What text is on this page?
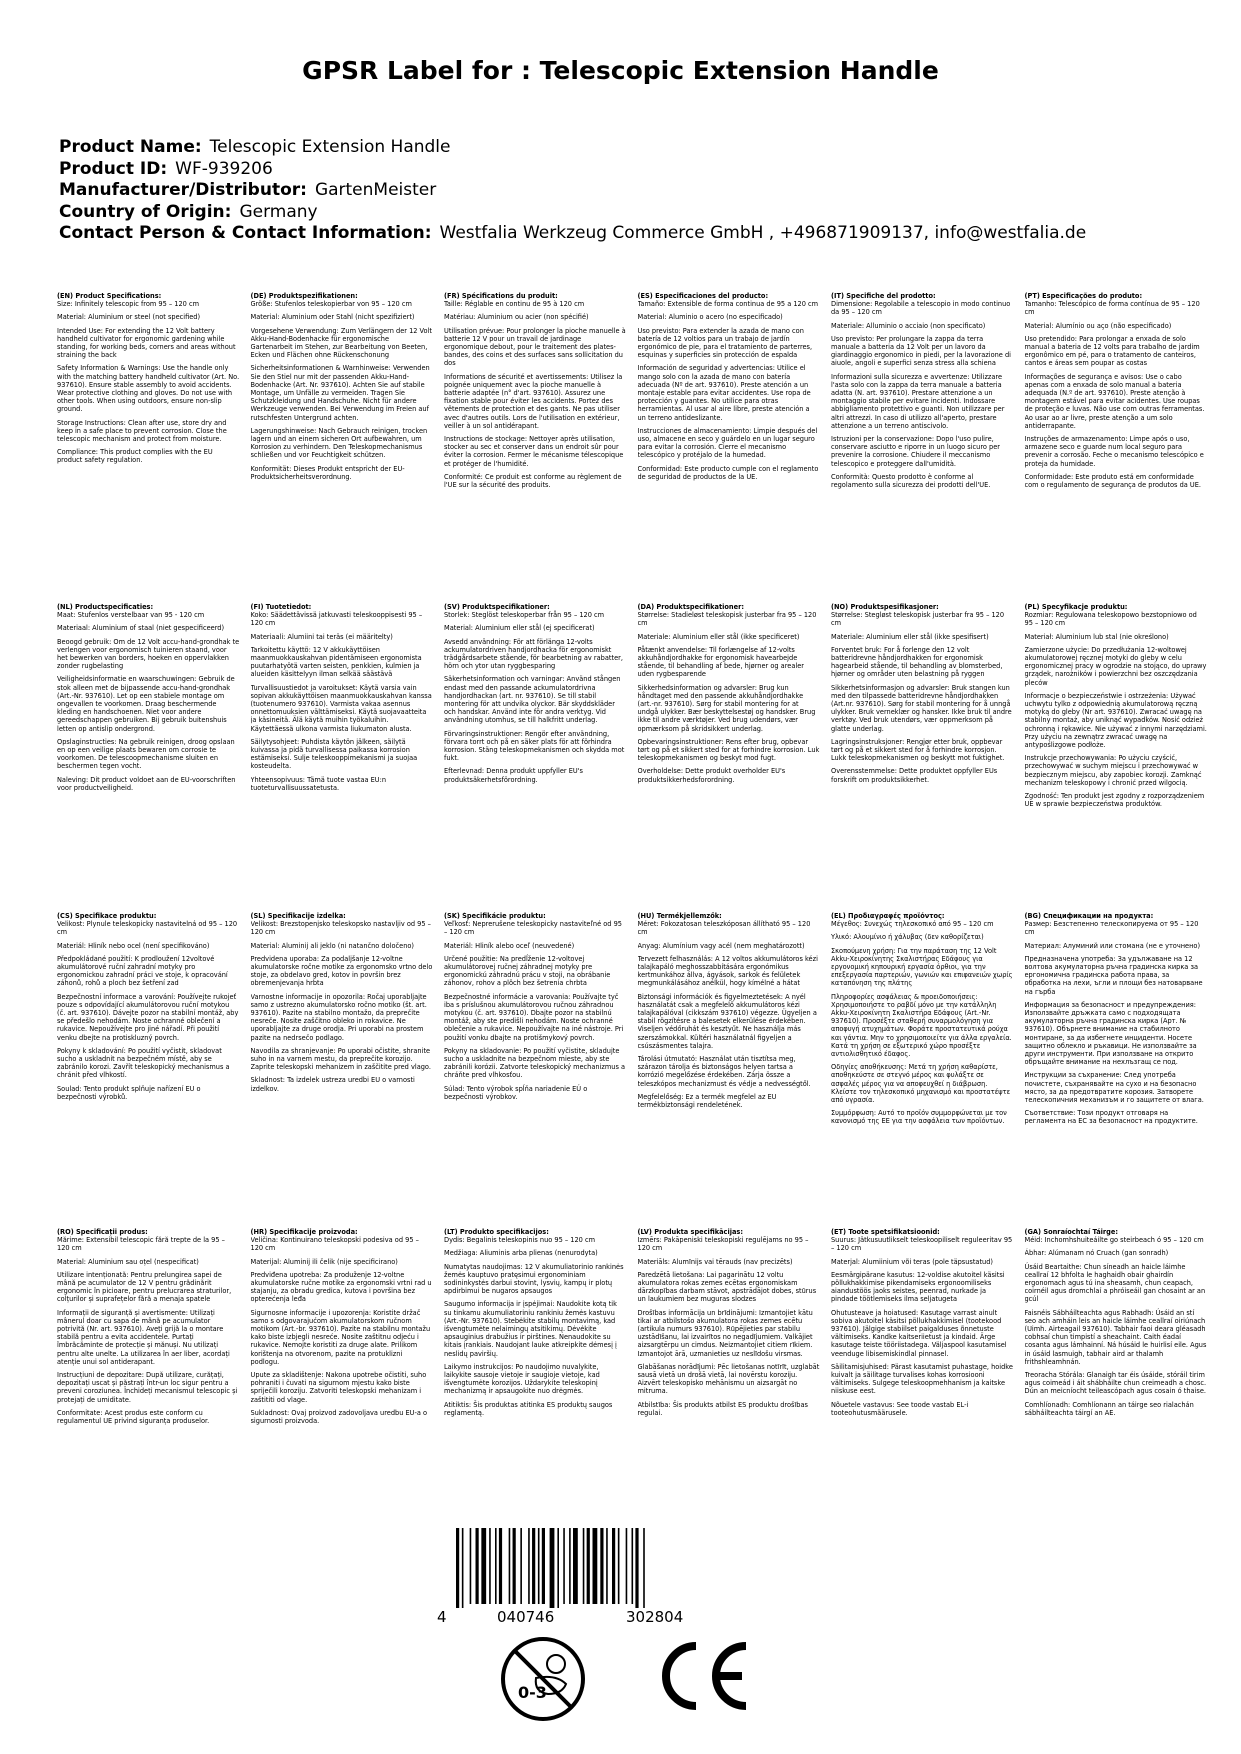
GPSR Label for : Telescopic Extension Handle
Product Name: Telescopic Extension Handle
Product ID: WF-939206
Manufacturer/Distributor: GartenMeister
Country of Origin: Germany
Contact Person & Contact Information: Westfalia Werkzeug Commerce GmbH , +496871909137, info@westfalia.de

(EN) Product Specifications:

Size: Infinitely telescopic from 95 – 120 cm

Material: Aluminium or steel (not specified)

Intended Use: For extending the 12 Volt battery handheld cultivator for ergonomic gardening while standing, for working beds, corners and areas without straining the back

Safety Information & Warnings: Use the handle only with the matching battery handheld cultivator (Art. No. 937610). Ensure stable assembly to avoid accidents. Wear protective clothing and gloves. Do not use with other tools. When using outdoors, ensure non-slip ground.

Storage Instructions: Clean after use, store dry and keep in a safe place to prevent corrosion. Close the telescopic mechanism and protect from moisture.

Compliance: This product complies with the EU product safety regulation.

(DE) Produktspezifikationen:

Größe: Stufenlos teleskopierbar von 95 – 120 cm

Material: Aluminium oder Stahl (nicht spezifiziert)

Vorgesehene Verwendung: Zum Verlängern der 12 Volt Akku-Hand-Bodenhacke für ergonomische Gartenarbeit im Stehen, zur Bearbeitung von Beeten, Ecken und Flächen ohne Rückenschonung

Sicherheitsinformationen & Warnhinweise: Verwenden Sie den Stiel nur mit der passenden Akku-Hand-Bodenhacke (Art. Nr. 937610). Achten Sie auf stabile Montage, um Unfälle zu vermeiden. Tragen Sie Schutzkleidung und Handschuhe. Nicht für andere Werkzeuge verwenden. Bei Verwendung im Freien auf rutschfesten Untergrund achten.

Lagerungshinweise: Nach Gebrauch reinigen, trocken lagern und an einem sicheren Ort aufbewahren, um Korrosion zu verhindern. Den Teleskopmechanismus schließen und vor Feuchtigkeit schützen.

Konformität: Dieses Produkt entspricht der EU-Produktsicherheitsverordnung.

(FR) Spécifications du produit:

Taille: Réglable en continu de 95 à 120 cm

Matériau: Aluminium ou acier (non spécifié)

Utilisation prévue: Pour prolonger la pioche manuelle à batterie 12 V pour un travail de jardinage ergonomique debout, pour le traitement des plates-bandes, des coins et des surfaces sans sollicitation du dos

Informations de sécurité et avertissements: Utilisez la poignée uniquement avec la pioche manuelle à batterie adaptée (n° d'art. 937610). Assurez une fixation stable pour éviter les accidents. Portez des vêtements de protection et des gants. Ne pas utiliser avec d'autres outils. Lors de l'utilisation en extérieur, veiller à un sol antidérapant.

Instructions de stockage: Nettoyer après utilisation, stocker au sec et conserver dans un endroit sûr pour éviter la corrosion. Fermer le mécanisme télescopique et protéger de l'humidité.

Conformité: Ce produit est conforme au règlement de l'UE sur la sécurité des produits.

(ES) Especificaciones del producto:

Tamaño: Extensible de forma continua de 95 a 120 cm

Material: Aluminio o acero (no especificado)

Uso previsto: Para extender la azada de mano con batería de 12 voltios para un trabajo de jardín ergonómico de pie, para el tratamiento de parterres, esquinas y superficies sin protección de espalda

Información de seguridad y advertencias: Utilice el mango solo con la azada de mano con batería adecuada (Nº de art. 937610). Preste atención a un montaje estable para evitar accidentes. Use ropa de protección y guantes. No utilice para otras herramientas. Al usar al aire libre, preste atención a un terreno antideslizante.

Instrucciones de almacenamiento: Limpie después del uso, almacene en seco y guárdelo en un lugar seguro para evitar la corrosión. Cierre el mecanismo telescópico y protéjalo de la humedad.

Conformidad: Este producto cumple con el reglamento de seguridad de productos de la UE.

(IT) Specifiche del prodotto:

Dimensione: Regolabile a telescopio in modo continuo da 95 – 120 cm

Materiale: Alluminio o acciaio (non specificato)

Uso previsto: Per prolungare la zappa da terra manuale a batteria da 12 Volt per un lavoro da giardinaggio ergonomico in piedi, per la lavorazione di aiuole, angoli e superfici senza stress alla schiena

Informazioni sulla sicurezza e avvertenze: Utilizzare l'asta solo con la zappa da terra manuale a batteria adatta (N. art. 937610). Prestare attenzione a un montaggio stabile per evitare incidenti. Indossare abbigliamento protettivo e guanti. Non utilizzare per altri attrezzi. In caso di utilizzo all'aperto, prestare attenzione a un terreno antiscivolo.

Istruzioni per la conservazione: Dopo l'uso pulire, conservare asciutto e riporre in un luogo sicuro per prevenire la corrosione. Chiudere il meccanismo telescopico e proteggere dall'umidità.

Conformità: Questo prodotto è conforme al regolamento sulla sicurezza dei prodotti dell'UE.

(PT) Especificações do produto:

Tamanho: Telescópico de forma contínua de 95 – 120 cm

Material: Alumínio ou aço (não especificado)

Uso pretendido: Para prolongar a enxada de solo manual a bateria de 12 volts para trabalho de jardim ergonômico em pé, para o tratamento de canteiros, cantos e áreas sem poupar as costas

Informações de segurança e avisos: Use o cabo apenas com a enxada de solo manual a bateria adequada (N.º de art. 937610). Preste atenção à montagem estável para evitar acidentes. Use roupas de proteção e luvas. Não use com outras ferramentas. Ao usar ao ar livre, preste atenção a um solo antiderrapante.

Instruções de armazenamento: Limpe após o uso, armazene seco e guarde num local seguro para prevenir a corrosão. Feche o mecanismo telescópico e proteja da humidade.

Conformidade: Este produto está em conformidade com o regulamento de segurança de produtos da UE.

(NL) Productspecificaties:

Maat: Stufenlos verstelbaar van 95 - 120 cm

Materiaal: Aluminium of staal (niet gespecificeerd)

Beoogd gebruik: Om de 12 Volt accu-hand-grondhak te verlengen voor ergonomisch tuinieren staand, voor het bewerken van borders, hoeken en oppervlakken zonder rugbelasting

Veiligheidsinformatie en waarschuwingen: Gebruik de stok alleen met de bijpassende accu-hand-grondhak (Art.-Nr. 937610). Let op een stabiele montage om ongevallen te voorkomen. Draag beschermende kleding en handschoenen. Niet voor andere gereedschappen gebruiken. Bij gebruik buitenshuis letten op antislip ondergrond.

Opslaginstructies: Na gebruik reinigen, droog opslaan en op een veilige plaats bewaren om corrosie te voorkomen. De telescoopmechanisme sluiten en beschermen tegen vocht.

Naleving: Dit product voldoet aan de EU-voorschriften voor productveiligheid.

(FI) Tuotetiedot:

Koko: Säädettävissä jatkuvasti teleskooppisesti 95 – 120 cm

Materiaali: Alumiini tai teräs (ei määritelty)

Tarkoitettu käyttö: 12 V akkukäyttöisen maanmuokkauskahvan pidentämiseen ergonomista puutarhatyötä varten seisten, penkkien, kulmien ja alueiden käsittelyyn ilman selkää säästävä

Turvallisuustiedot ja varoitukset: Käytä varsia vain sopivan akkukäyttöisen maanmuokkauskahvan kanssa (tuotenumero 937610). Varmista vakaa asennus onnettomuuksien välttämiseksi. Käytä suojavaatteita ja käsineitä. Älä käytä muihin työkaluihin. Käytettäessä ulkona varmista liukumaton alusta.

Säilytysohjeet: Puhdista käytön jälkeen, säilytä kuivassa ja pidä turvallisessa paikassa korrosion estämiseksi. Sulje teleskooppimekanismi ja suojaa kosteudelta.

Yhteensopivuus: Tämä tuote vastaa EU:n tuoteturvallisuussatetusta.

(SV) Produktspecifikationer:

Storlek: Steglöst teleskoperbar från 95 – 120 cm

Material: Aluminium eller stål (ej specificerat)

Avsedd användning: För att förlänga 12-volts ackumulatordriven handjordhacka för ergonomiskt trädgårdsarbete stående, för bearbetning av rabatter, hörn och ytor utan ryggbesparing

Säkerhetsinformation och varningar: Använd stången endast med den passande ackumulatordrivna handjordhackan (art. nr. 937610). Se till stabil montering för att undvika olyckor. Bär skyddskläder och handskar. Använd inte för andra verktyg. Vid användning utomhus, se till halkfritt underlag.

Förvaringsinstruktioner: Rengör efter användning, förvara torrt och på en säker plats för att förhindra korrosion. Stäng teleskopmekanismen och skydda mot fukt.

Efterlevnad: Denna produkt uppfyller EU's produktsäkerhetsförordning.

(DA) Produktspecifikationer:

Størrelse: Stadieløst teleskopisk justerbar fra 95 – 120 cm

Materiale: Aluminium eller stål (ikke specificeret)

Påtænkt anvendelse: Til forlængelse af 12-volts akkuhåndjordhakke for ergonomisk havearbejde stående, til behandling af bede, hjørner og arealer uden rygbesparende

Sikkerhedsinformation og advarsler: Brug kun håndtaget med den passende akkuhåndjordhakke (art.-nr. 937610). Sørg for stabil montering for at undgå ulykker. Bær beskyttelsestøj og handsker. Brug ikke til andre værktøjer. Ved brug udendørs, vær opmærksom på skridsikkert underlag.

Opbevaringsinstruktioner: Rens efter brug, opbevar tørt og på et sikkert sted for at forhindre korrosion. Luk teleskopmekanismen og beskyt mod fugt.

Overholdelse: Dette produkt overholder EU's produktsikkerhedsforordning.

(NO) Produktspesifikasjoner:

Størrelse: Stegløst teleskopisk justerbar fra 95 – 120 cm

Materiale: Aluminium eller stål (ikke spesifisert)

Forventet bruk: For å forlenge den 12 volt batteridrevne håndjordhakken for ergonomisk hagearbeid stående, til behandling av blomsterbed, hjørner og områder uten belastning på ryggen

Sikkerhetsinformasjon og advarsler: Bruk stangen kun med den tilpassede batteridrevne håndjordhakken (Art.nr. 937610). Sørg for stabil montering for å unngå ulykker. Bruk verneklær og hansker. Ikke bruk til andre verktøy. Ved bruk utendørs, vær oppmerksom på glatte underlag.

Lagringsinstruksjoner: Rengjør etter bruk, oppbevar tørt og på et sikkert sted for å forhindre korrosjon. Lukk teleskopmekanismen og beskytt mot fuktighet.

Overensstemmelse: Dette produktet oppfyller EUs forskrift om produktsikkerhet.

(PL) Specyfikacje produktu:

Rozmiar: Regulowana teleskopowo bezstopniowo od 95 – 120 cm

Materiał: Aluminium lub stal (nie określono)

Zamierzone użycie: Do przedłużania 12-woltowej akumulatorowej ręcznej motyki do gleby w celu ergonomicznej pracy w ogrodzie na stojąco, do uprawy grządek, narożników i powierzchni bez oszczędzania pleców

Informacje o bezpieczeństwie i ostrzeżenia: Używać uchwytu tylko z odpowiednią akumulatorową ręczną motyką do gleby (Nr art. 937610). Zwracać uwagę na stabilny montaż, aby uniknąć wypadków. Nosić odzież ochronną i rękawice. Nie używać z innymi narzędziami. Przy użyciu na zewnątrz zwracać uwagę na antypoślizgowe podłoże.

Instrukcje przechowywania: Po użyciu czyścić, przechowywać w suchym miejscu i przechowywać w bezpiecznym miejscu, aby zapobiec korozji. Zamknąć mechanizm teleskopowy i chronić przed wilgocią.

Zgodność: Ten produkt jest zgodny z rozporządzeniem UE w sprawie bezpieczeństwa produktów.

(CS) Specifikace produktu:

Velikost: Plynule teleskopicky nastavitelná od 95 – 120 cm

Materiál: Hliník nebo ocel (není specifikováno)

Předpokládané použití: K prodloužení 12voltové akumulátorové ruční zahradní motyky pro ergonomickou zahradní práci ve stoje, k opracování záhonů, rohů a ploch bez šetření zad

Bezpečnostní informace a varování: Používejte rukojeť pouze s odpovídající akumulátorovou ruční motykou (č. art. 937610). Dávejte pozor na stabilní montáž, aby se předešlo nehodám. Noste ochranné oblečení a rukavice. Nepoužívejte pro jiné nářadí. Při použití venku dbejte na protiskluzný povrch.

Pokyny k skladování: Po použití vyčistit, skladovat sucho a uskladnit na bezpečném místě, aby se zabránilo korozi. Zavřít teleskopický mechanismus a chránit před vlhkostí.

Soulad: Tento produkt splňuje nařízení EU o bezpečnosti výrobků.

(SL) Specifikacije izdelka:

Velikost: Brezstopenjsko teleskopsko nastavljiv od 95 – 120 cm

Material: Aluminij ali jeklo (ni natančno določeno)

Predvidena uporaba: Za podaljšanje 12-voltne akumulatorske ročne motike za ergonomsko vrtno delo stoje, za obdelavo gred, kotov in površin brez obremenjevanja hrbta

Varnostne informacije in opozorila: Ročaj uporabljajte samo z ustrezno akumulatorsko ročno motiko (št. art. 937610). Pazite na stabilno montažo, da preprečite nesreče. Nosite zaščitno obleko in rokavice. Ne uporabljajte za druge orodja. Pri uporabi na prostem pazite na nedrsečo podlago.

Navodila za shranjevanje: Po uporabi očistite, shranite suho in na varnem mestu, da preprečite korozijo. Zaprite teleskopski mehanizem in zaščitite pred vlago.

Skladnost: Ta izdelek ustreza uredbi EU o varnosti izdelkov.

(SK) Špecifikácie produktu:

Veľkosť: Neprerušene teleskopicky nastaviteľné od 95 – 120 cm

Materiál: Hliník alebo oceľ (neuvedené)

Určené použitie: Na predĺženie 12-voltovej akumulátorovej ručnej záhradnej motyky pre ergonomickú záhradnú prácu v stoji, na obrábanie záhonov, rohov a plôch bez šetrenia chrbta

Bezpečnostné informácie a varovania: Používajte tyč iba s príslušnou akumulátorovou ručnou záhradnou motykou (č. art. 937610). Dbajte pozor na stabilnú montáž, aby ste predišli nehodám. Noste ochranné oblečenie a rukavice. Nepoužívajte na iné nástroje. Pri použití vonku dbajte na protišmykový povrch.

Pokyny na skladovanie: Po použití vyčistite, skladujte sucho a uskladnite na bezpečnom mieste, aby ste zabránili korózii. Zatvorte teleskopický mechanizmus a chráňte pred vlhkosťou.

Súlad: Tento výrobok spĺňa nariadenie EÚ o bezpečnosti výrobkov.

(HU) Termékjellemzők:

Méret: Fokozatosan teleszkóposan állítható 95 – 120 cm

Anyag: Alumínium vagy acél (nem meghatározott)

Tervezett felhasználás: A 12 voltos akkumulátoros kézi talajkapáló meghosszabbítására ergonómikus kertmunkához állva, ágyások, sarkok és felületek megmunkálásához anélkül, hogy kímélné a hátat

Biztonsági információk és figyelmeztetések: A nyél használatát csak a megfelelő akkumulátoros kézi talajkapálóval (cikkszám 937610) végezze. Ügyeljen a stabil rögzítésre a balesetek elkerülése érdekében. Viseljen védőruhát és kesztyűt. Ne használja más szerszámokkal. Kültéri használatnál figyeljen a csúszásmentes talajra.

Tárolási útmutató: Használat után tisztítsa meg, szárazon tárolja és biztonságos helyen tartsa a korrózió megelőzése érdekében. Zárja össze a teleszkópos mechanizmust és védje a nedvességtől.

Megfelelőség: Ez a termék megfelel az EU termékbiztonsági rendeletének.

(EL) Προδιαγραφές προϊόντος:

Μέγεθος: Συνεχώς τηλεσκοπικό από 95 – 120 cm

Υλικό: Αλουμίνιο ή χάλυβας (δεν καθορίζεται)

Σκοπούμενη χρήση: Για την παράταση της 12 Volt Akku-Χειροκίνητης Σκαλιστήρας Εδάφους για εργονομική κηπουρική εργασία όρθιοι, για την επεξεργασία παρτεριών, γωνιών και επιφανειών χωρίς καταπόνηση της πλάτης

Πληροφορίες ασφάλειας & προειδοποιήσεις: Χρησιμοποιήστε το ραβδί μόνο με την κατάλληλη Akku-Χειροκίνητη Σκαλιστήρα Εδάφους (Art.-Nr. 937610). Προσέξτε σταθερή συναρμολόγηση για αποφυγή ατυχημάτων. Φοράτε προστατευτικά ρούχα και γάντια. Μην το χρησιμοποιείτε για άλλα εργαλεία. Κατά τη χρήση σε εξωτερικό χώρο προσέξτε αντιολισθητικό έδαφος.

Οδηγίες αποθήκευσης: Μετά τη χρήση καθαρίστε, αποθηκεύστε σε στεγνό μέρος και φυλάξτε σε ασφαλές μέρος για να αποφευχθεί η διάβρωση. Κλείστε τον τηλεσκοπικό μηχανισμό και προστατέψτε από υγρασία.

Συμμόρφωση: Αυτό το προϊόν συμμορφώνεται με τον κανονισμό της ΕΕ για την ασφάλεια των προϊόντων.

(BG) Спецификации на продукта:

Размер: Безстепенно телескопируема от 95 – 120 cm

Материал: Алуминий или стомана (не е уточнено)

Предназначена употреба: За удължаване на 12 волтова акумулаторна ръчна градинска кирка за ергономична градинска работа права, за обработка на лехи, ъгли и площи без натоварване на гърба

Информация за безопасност и предупреждения: Използвайте дръжката само с подходящата акумулаторна ръчна градинска кирка (Арт. № 937610). Обърнете внимание на стабилното монтиране, за да избегнете инциденти. Носете защитно облекло и ръкавици. Не използвайте за други инструменти. При използване на открито обръщайте внимание на нехлъзгащ се под.

Инструкции за съхранение: След употреба почистете, съхранявайте на сухо и на безопасно място, за да предотвратите корозия. Затворете телескопичния механизъм и го защитете от влага.

Съответствие: Този продукт отговаря на регламента на ЕС за безопасност на продуктите.

(RO) Specificații produs:

Mărime: Extensibil telescopic fără trepte de la 95 – 120 cm

Material: Aluminium sau oțel (nespecificat)

Utilizare intenționată: Pentru prelungirea sapei de mână pe acumulator de 12 V pentru grădinărit ergonomic în picioare, pentru prelucrarea straturilor, colțurilor și suprafețelor fără a menaja spatele

Informații de siguranță și avertismente: Utilizați mânerul doar cu sapa de mână pe acumulator potrivită (Nr. art. 937610). Aveți grijă la o montare stabilă pentru a evita accidentele. Purtați îmbrăcăminte de protecție și mănuși. Nu utilizați pentru alte unelte. La utilizarea în aer liber, acordați atenție unui sol antiderapant.

Instrucțiuni de depozitare: După utilizare, curățați, depozitați uscat și păstrați într-un loc sigur pentru a preveni coroziunea. Închideți mecanismul telescopic și protejați de umiditate.

Conformitate: Acest produs este conform cu regulamentul UE privind siguranța produselor.

(HR) Specifikacije proizvoda:

Veličina: Kontinuirano teleskopski podesiva od 95 – 120 cm

Materijal: Aluminij ili čelik (nije specificirano)

Predviđena upotreba: Za produženje 12-voltne akumulatorske ručne motike za ergonomski vrtni rad u stajanju, za obradu gredica, kutova i površina bez opterećenja leđa

Sigurnosne informacije i upozorenja: Koristite držač samo s odgovarajućom akumulatorskom ručnom motikom (Art.-br. 937610). Pazite na stabilnu montažu kako biste izbjegli nesreće. Nosite zaštitnu odjeću i rukavice. Nemojte koristiti za druge alate. Prilikom korištenja na otvorenom, pazite na protuklizni podlogu.

Upute za skladištenje: Nakona upotrebe očistiti, suho pohraniti i čuvati na sigurnom mjestu kako biste spriječili koroziju. Zatvoriti teleskopski mehanizam i zaštititi od vlage.

Sukladnost: Ovaj proizvod zadovoljava uredbu EU-a o sigurnosti proizvoda.

(LT) Produkto specifikacijos:

Dydis: Begalinis teleskopinis nuo 95 – 120 cm

Medžiaga: Aliuminis arba plienas (nenurodyta)

Numatytas naudojimas: 12 V akumuliatorinio rankinės žemės kauptuvo pratęsimui ergonominiam sodininkystės darbui stovint, lysvių, kampų ir plotų apdirbimui be nugaros apsaugos

Saugumo informacija ir įspėjimai: Naudokite kotą tik su tinkamu akumuliatoriniu rankiniu žemės kastuvu (Art.-Nr. 937610). Stebėkite stabilų montavimą, kad išvengtumėte nelaimingų atsitikimų. Dėvėkite apsauginius drabužius ir pirštines. Nenaudokite su kitais įrankiais. Naudojant lauke atkreipkite dėmesį į neslidų paviršių.

Laikymo instrukcijos: Po naudojimo nuvalykite, laikykite sausoje vietoje ir saugioje vietoje, kad išvengtumėte korozijos. Uždarykite teleskopinį mechanizmą ir apsaugokite nuo drėgmės.

Atitiktis: Šis produktas atitinka ES produktų saugos reglamentą.

(LV) Produkta specifikācijas:

Izmērs: Pakāpeniski teleskopiski regulējams no 95 – 120 cm

Materiāls: Alumīnijs vai tērauds (nav precizēts)

Paredzētā lietošana: Lai pagarinātu 12 voltu akumulatora rokas zemes ecētas ergonomiskam dārzkopības darbam stāvot, apstrādājot dobes, stūrus un laukumiem bez muguras slodzes

Drošības informācija un brīdinājumi: Izmantojiet kātu tikai ar atbilstošo akumulatora rokas zemes ecētu (artikula numurs 937610). Rūpējieties par stabilu uzstādīšanu, lai izvairītos no negadījumiem. Valkājiet aizsargtērpu un cimdus. Neizmantojiet citiem rīkiem. Izmantojot ārā, uzmanieties uz neslīdošu virsmas.

Glabāšanas norādījumi: Pēc lietošanas notīrīt, uzglabāt sausā vietā un drošā vietā, lai novērstu koroziju. Aizvērt teleskopisko mehānismu un aizsargāt no mitruma.

Atbilstība: Šis produkts atbilst ES produktu drošības regulai.

(ET) Toote spetsifikatsioonid:

Suurus: Jätkusuutlikselt teleskoopiliselt reguleeritav 95 – 120 cm

Materjal: Alumiinium või teras (pole täpsustatud)

Eesmärgipärane kasutus: 12-voldise akutoitel käsitsi pöllukhakkimise pikendamiseks ergonoomiliseks aiandustöös jaoks seistes, peenrad, nurkade ja pindade töötlemiseks ilma seljatugeta

Ohutusteave ja hoiatused: Kasutage varrast ainult sobiva akutoitel käsitsi pöllukhakkimisel (tootekood 937610). Jälgige stabiilset paigalduses õnnetuste vältimiseks. Kandke kaitseriietust ja kindaid. Ärge kasutage teiste tööriistadega. Väljaspool kasutamisel veenduge libisemiskindlal pinnasel.

Säilitamisjuhised: Pärast kasutamist puhastage, hoidke kuivalt ja säilitage turvalises kohas korrosiooni vältimiseks. Sulgege teleskoopmehhanism ja kaitske niiskuse eest.

Nõuetele vastavus: See toode vastab EL-i tooteohutusmäärusele.

(GA) Sonraíochtaí Táirge:

Méid: Inchomhshuiteáilte go steirbeach ó 95 – 120 cm

Ábhar: Alúmanam nó Cruach (gan sonradh)

Úsáid Beartaithe: Chun síneadh an haicle láimhe ceallraí 12 bhfolta le haghaidh obair ghairdín ergonomach agus tú ina sheasamh, chun ceapach, coirnéil agus dromchlaí a phróiseáil gan chosaint ar an gcúl

Faisnéis Sábháilteachta agus Rabhadh: Úsáid an stí seo ach amháin leis an haicle láimhe ceallraí oiriúnach (Uimh. Airteagail 937610). Tabhair faoi deara gléasadh cobhsaí chun timpistí a sheachaint. Caith éadaí cosanta agus lámhainní. Ná húsáid le huirlisí eile. Agus in úsáid lasmuigh, tabhair aird ar thalamh frithshleamhnán.

Treoracha Stórála: Glanaigh tar éis úsáide, stóráil tirim agus coimeád i áit shábháilte chun creimeadh a chosc. Dún an meicníocht teileascópach agus cosain ó thaise.

Comhlíonadh: Comhlíonann an táirge seo rialachán sábháilteachta táirgí an AE.

4	040746	302804
0-3
